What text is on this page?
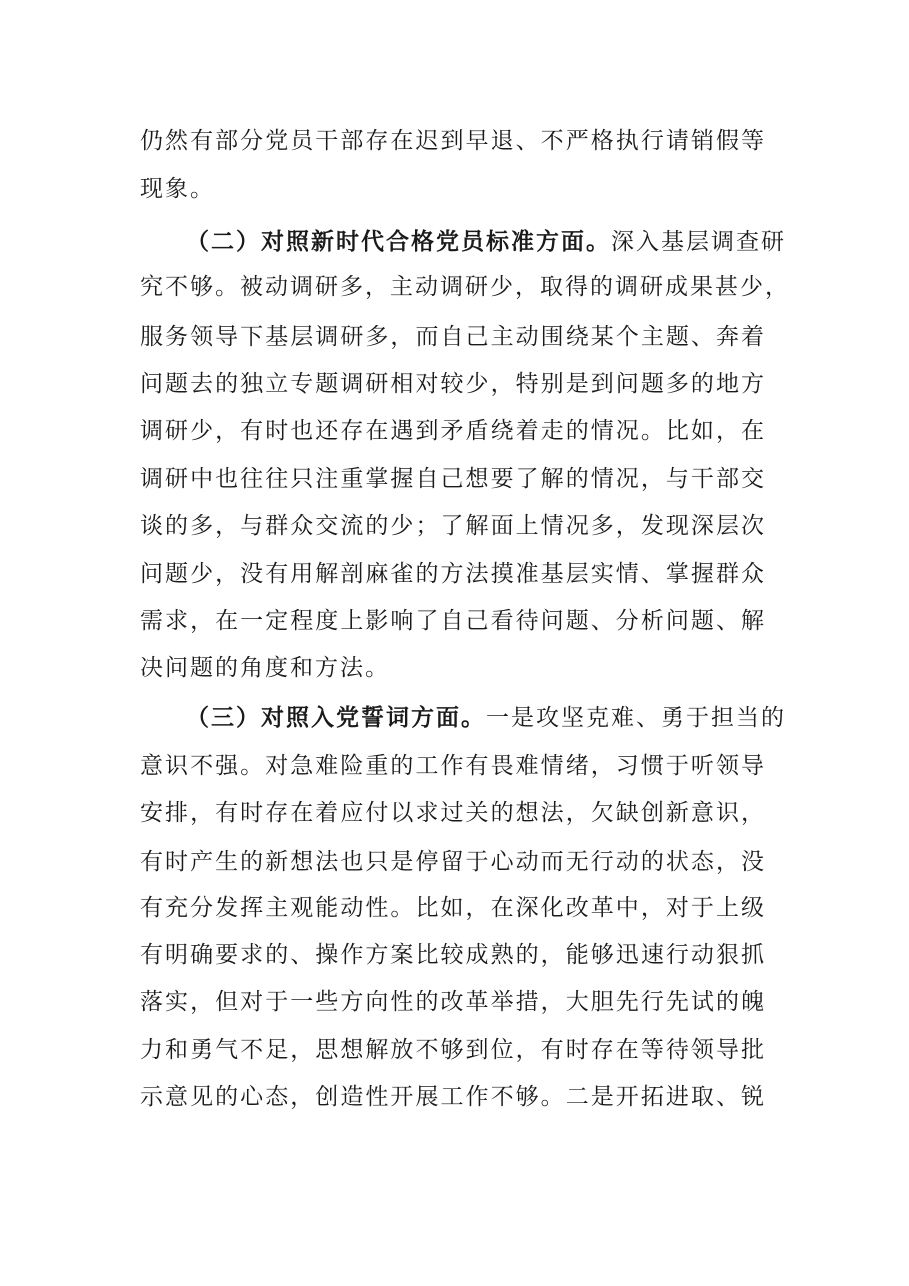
仍然有部分党员干部存在迟到早退、不严格执行请销假等
现象。
（二）对照新时代合格党员标准方面。深入基层调查研
究不够。被动调研多，主动调研少，取得的调研成果甚少，
服务领导下基层调研多，而自己主动围绕某个主题、奔着
问题去的独立专题调研相对较少，特别是到问题多的地方
调研少，有时也还存在遇到矛盾绕着走的情况。比如，在
调研中也往往只注重掌握自己想要了解的情况，与干部交
谈的多，与群众交流的少；了解面上情况多，发现深层次
问题少，没有用解剖麻雀的方法摸准基层实情、掌握群众
需求，在一定程度上影响了自己看待问题、分析问题、解
决问题的角度和方法。
（三）对照入党誓词方面。一是攻坚克难、勇于担当的
意识不强。对急难险重的工作有畏难情绪，习惯于听领导
安排，有时存在着应付以求过关的想法，欠缺创新意识，
有时产生的新想法也只是停留于心动而无行动的状态，没
有充分发挥主观能动性。比如，在深化改革中，对于上级
有明确要求的、操作方案比较成熟的，能够迅速行动狠抓
落实，但对于一些方向性的改革举措，大胆先行先试的魄
力和勇气不足，思想解放不够到位，有时存在等待领导批
示意见的心态，创造性开展工作不够。二是开拓进取、锐
